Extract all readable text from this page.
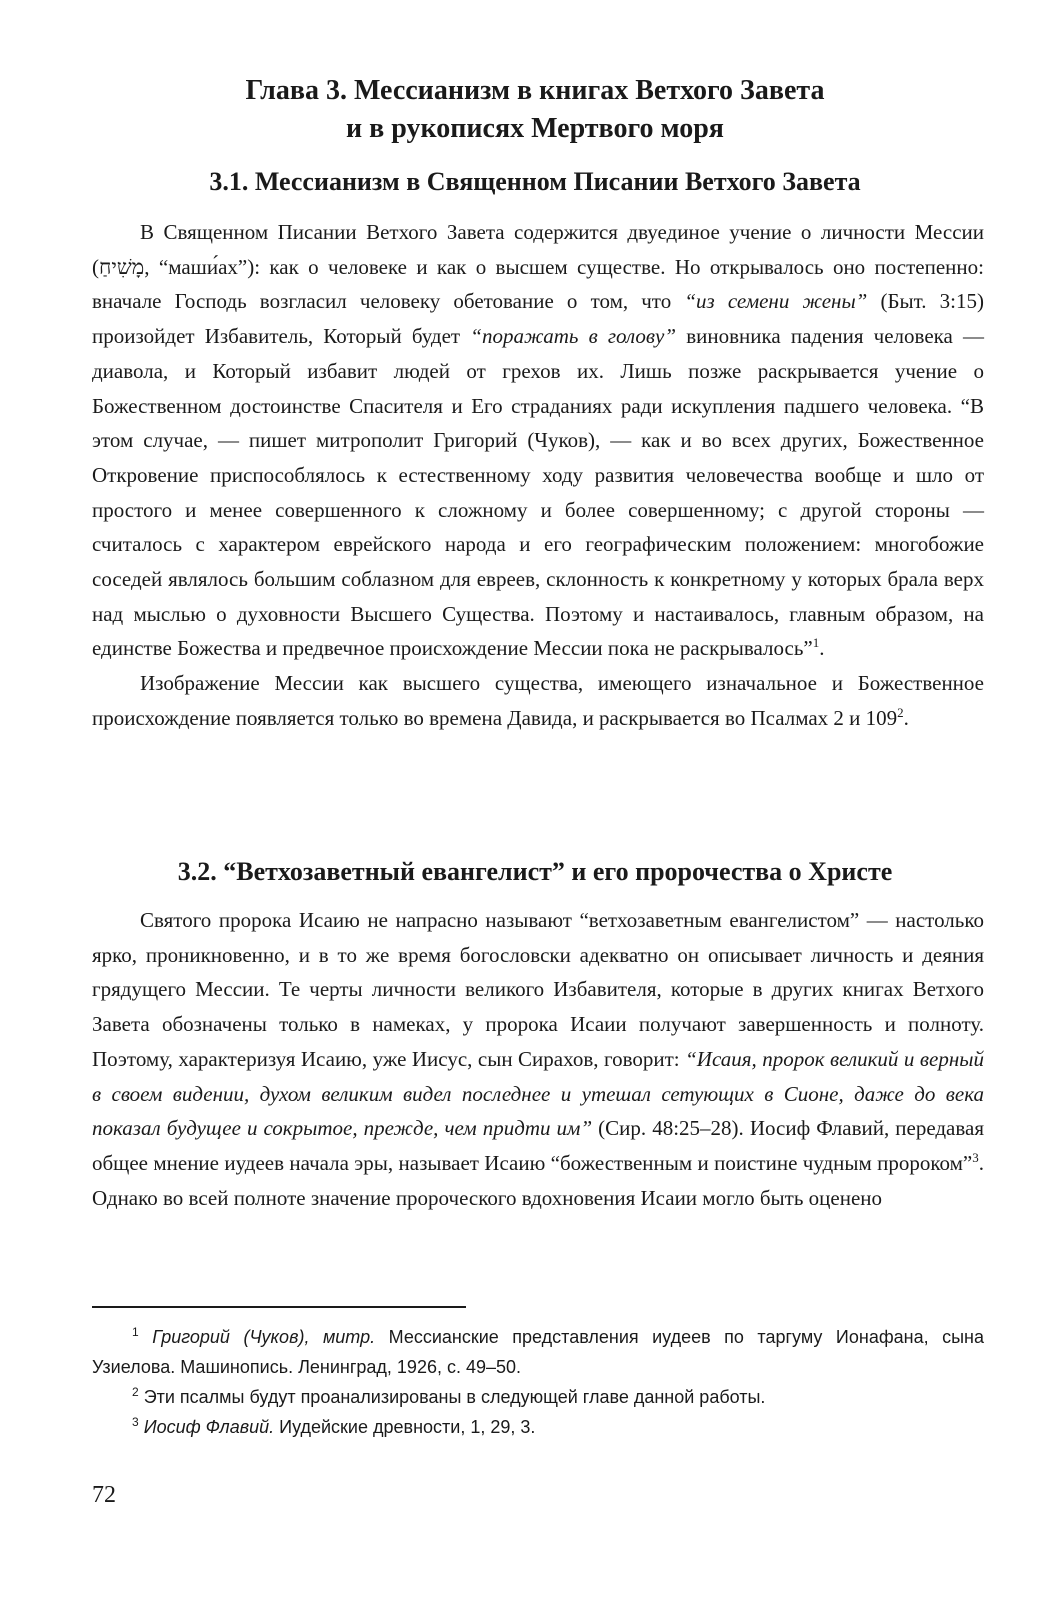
Глава 3. Мессианизм в книгах Ветхого Завета
и в рукописях Мертвого моря
3.1. Мессианизм в Священном Писании Ветхого Завета

В Священном Писании Ветхого Завета содержится двуединое учение о личности Мессии (מָשִׁיחַ, “маши́ах”): как о человеке и как о высшем существе. Но открывалось оно постепенно: вначале Господь возгласил человеку обетование о том, что “из семени жены” (Быт. 3:15) произойдет Избавитель, Который будет “поражать в голову” виновника падения человека — диавола, и Который избавит людей от грехов их. Лишь позже раскрывается учение о Божественном достоинстве Спасителя и Его страданиях ради искупления падшего человека. “В этом случае, — пишет митрополит Григорий (Чуков), — как и во всех других, Божественное Откровение приспособлялось к естественному ходу развития человечества вообще и шло от простого и менее совершенного к сложному и более совершенному; с другой стороны — считалось с характером еврейского народа и его географическим положением: многобожие соседей являлось большим соблазном для евреев, склонность к конкретному у которых брала верх над мыслью о духовности Высшего Существа. Поэтому и настаивалось, главным образом, на единстве Божества и предвечное происхождение Мессии пока не раскрывалось”$^1$.

Изображение Мессии как высшего существа, имеющего изначальное и Божественное происхождение появляется только во времена Давида, и раскрывается во Псалмах 2 и $109^2$.

3.2. “Ветхозаветный евангелист” и его пророчества о Христе

Святого пророка Исаию не напрасно называют “ветхозаветным евангелистом” — настолько ярко, проникновенно, и в то же время богословски адекватно он описывает личность и деяния грядущего Мессии. Те черты личности великого Избавителя, которые в других книгах Ветхого Завета обозначены только в намеках, у пророка Исаии получают завершенность и полноту. Поэтому, характеризуя Исаию, уже Иисус, сын Сирахов, говорит: “Исаия, пророк великий и верный в своем видении, духом великим видел последнее и утешал сетующих в Сионе, даже до века показал будущее и сокрытое, прежде, чем придти им” (Сир. 48:25–28). Иосиф Флавий, передавая общее мнение иудеев начала эры, называет Исаию “божественным и поистине чудным пророком”$^3$. Однако во всей полноте значение пророческого вдохновения Исаии могло быть оценено

$^1$ Григорий (Чуков), митр. Мессианские представления иудеев по таргуму Ионафана, сына Узиелова. Машинопись. Ленинград, 1926, с. 49–50.

$^2$ Эти псалмы будут проанализированы в следующей главе данной работы.

$^3$ Иосиф Флавий. Иудейские древности, 1, 29, 3.

72
